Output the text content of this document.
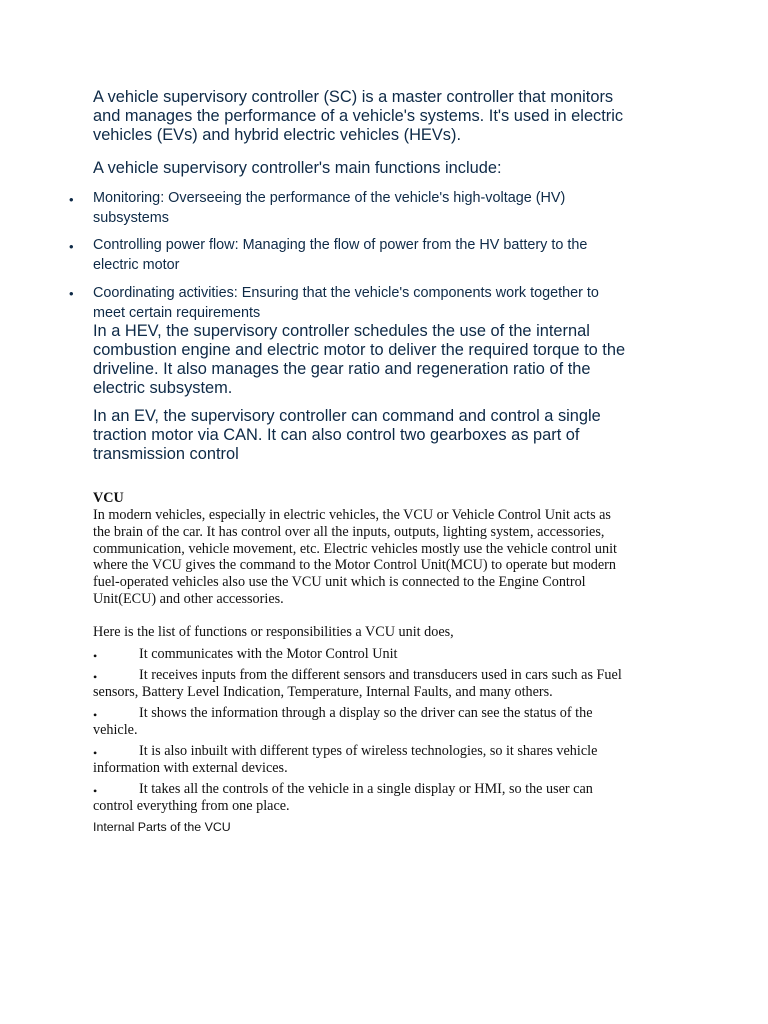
A vehicle supervisory controller (SC) is a master controller that monitors
and manages the performance of a vehicle's systems. It's used in electric
vehicles (EVs) and hybrid electric vehicles (HEVs).
A vehicle supervisory controller's main functions include:
• Monitoring: Overseeing the performance of the vehicle's high-voltage (HV)
subsystems
• Controlling power flow: Managing the flow of power from the HV battery to the
electric motor
• Coordinating activities: Ensuring that the vehicle's components work together to
meet certain requirements
In a HEV, the supervisory controller schedules the use of the internal
combustion engine and electric motor to deliver the required torque to the
driveline. It also manages the gear ratio and regeneration ratio of the
electric subsystem.
In an EV, the supervisory controller can command and control a single
traction motor via CAN. It can also control two gearboxes as part of
transmission control
VCU
In modern vehicles, especially in electric vehicles, the VCU or Vehicle Control Unit acts as
the brain of the car. It has control over all the inputs, outputs, lighting system, accessories,
communication, vehicle movement, etc. Electric vehicles mostly use the vehicle control unit
where the VCU gives the command to the Motor Control Unit(MCU) to operate but modern
fuel-operated vehicles also use the VCU unit which is connected to the Engine Control
Unit(ECU) and other accessories.
Here is the list of functions or responsibilities a VCU unit does,
•	It communicates with the Motor Control Unit
•	It receives inputs from the different sensors and transducers used in cars such as Fuel
sensors, Battery Level Indication, Temperature, Internal Faults, and many others.
•	It shows the information through a display so the driver can see the status of the
vehicle.
•	It is also inbuilt with different types of wireless technologies, so it shares vehicle
information with external devices.
•	It takes all the controls of the vehicle in a single display or HMI, so the user can
control everything from one place.
Internal Parts of the VCU
